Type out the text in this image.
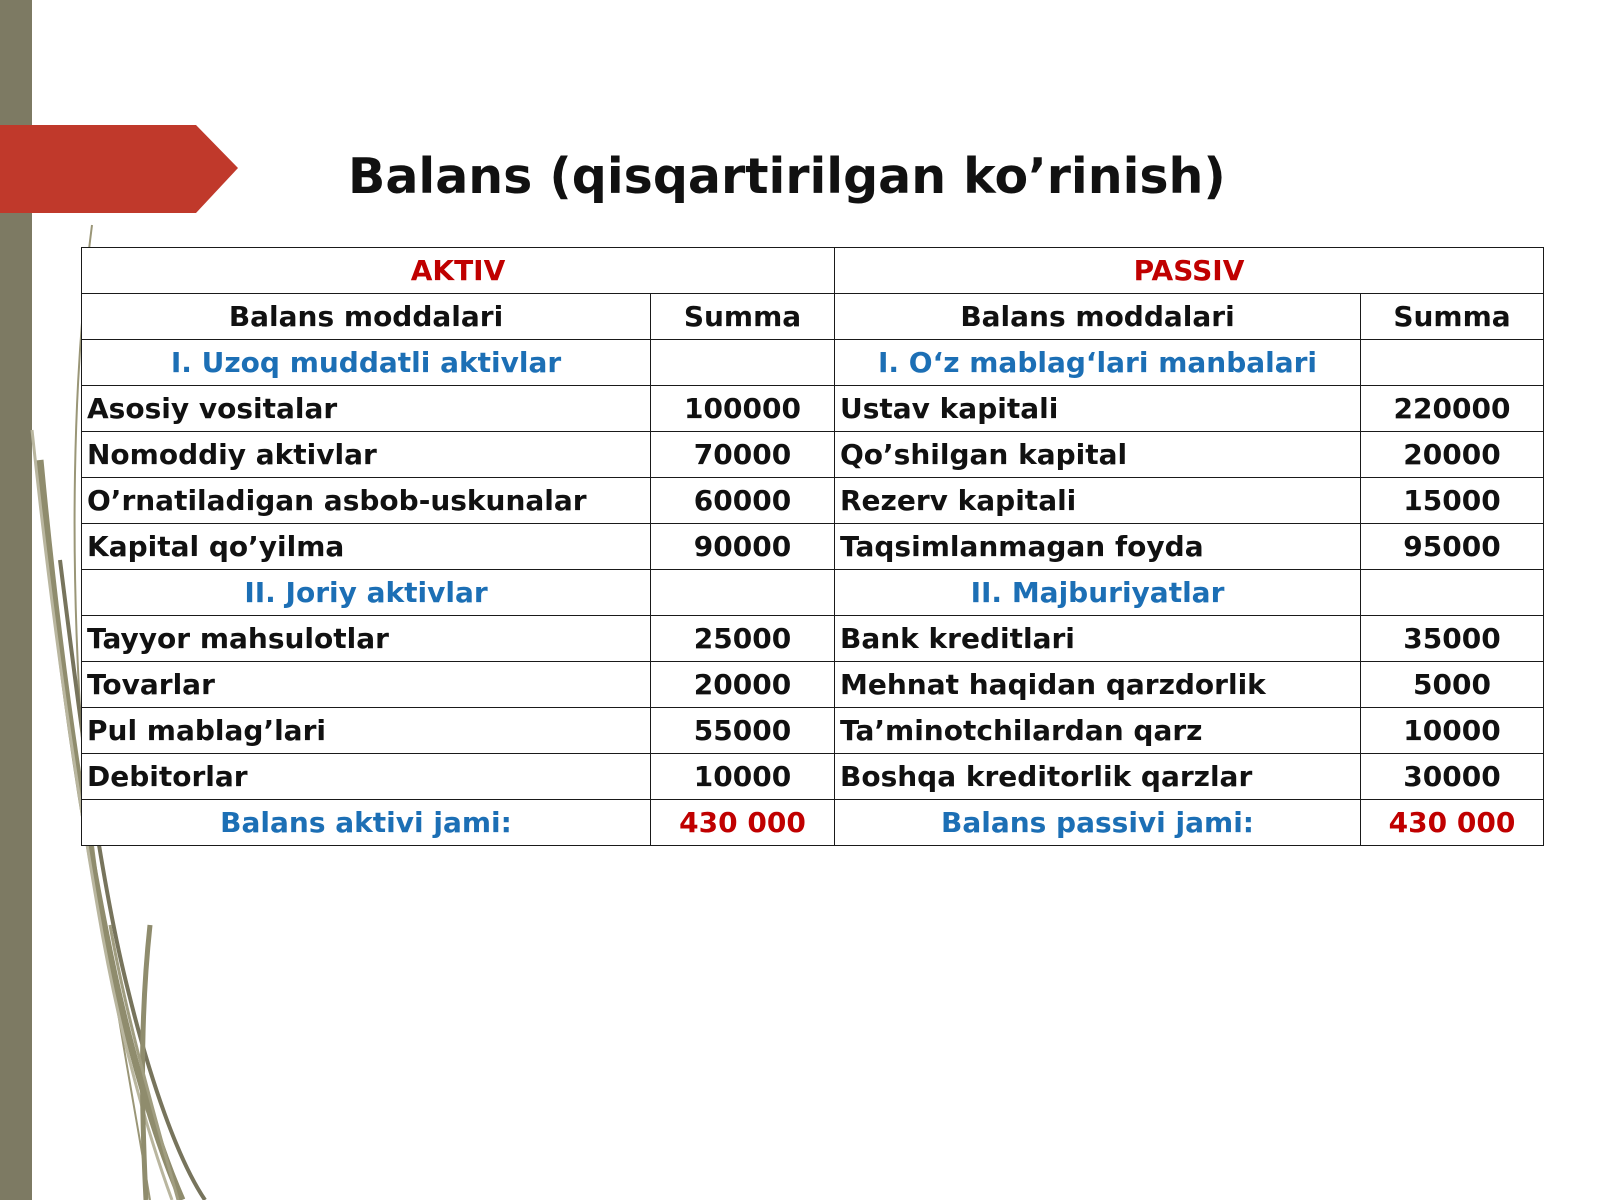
Balans (qisqartirilgan ko’rinish)
AKTIV		PASSIV	
Balans moddalari	Summa	Balans moddalari	Summa
I. Uzoq muddatli aktivlar		I. O‘z mablag‘lari manbalari	
Asosiy vositalar	100000	Ustav kapitali	220000
Nomoddiy aktivlar	70000	Qo’shilgan kapital	20000
O’rnatiladigan asbob-uskunalar	60000	Rezerv kapitali	15000
Kapital qo’yilma	90000	Taqsimlanmagan foyda	95000
II. Joriy aktivlar		II. Majburiyatlar	
Tayyor mahsulotlar	25000	Bank kreditlari	35000
Tovarlar	20000	Mehnat haqidan qarzdorlik	5000
Pul mablag’lari	55000	Ta’minotchilardan qarz	10000
Debitorlar	10000	Boshqa kreditorlik qarzlar	30000
Balans aktivi jami:	430 000	Balans passivi jami:	430 000
